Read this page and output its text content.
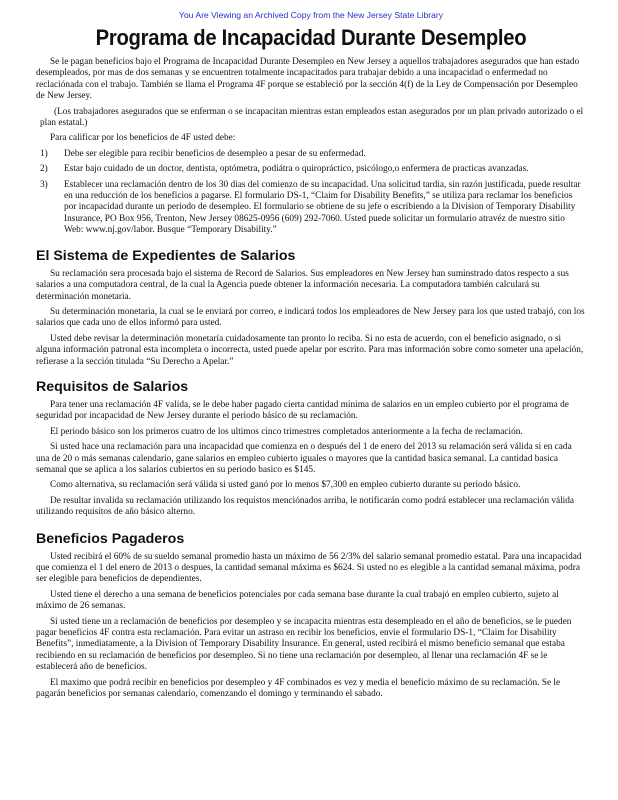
You Are Viewing an Archived Copy from the New Jersey State Library
Programa de Incapacidad Durante Desempleo

Se le pagan beneficios bajo el Programa de Incapacidad Durante Desempleo en New Jersey a aquellos trabajadores asegurados que han estado desempleados, por mas de dos semanas y se encuentren totalmente incapacitados para trabajar debido a una incapacidad o enfermedad no reclaciónada con el trabajo. También se llama el Programa 4F porque se estableció por la sección 4(f) de la Ley de Compensación por Desempleo de New Jersey.

(Los trabajadores asegurados que se enferman o se incapacitan mientras estan empleados estan asegurados por un plan privado autorizado o el plan estatal.)

Para calificar por los beneficios de 4F usted debe:

1)	Debe ser elegible para recibir beneficios de desempleo a pesar de su enfermedad.
2)	Estar bajo cuidado de un doctor, dentista, optómetra, podiátra o quiropráctico, psicólogo,o enfermera de practicas avanzadas.
3)	Establecer una reclamación dentro de los 30 dias del comienzo de su incapacidad. Una solicitud tardia, sin razón justificada, puede resultar en una reducción de los beneficios a pagarse. El formulario DS-1, “Claim for Disability Benefits,” se utiliza para reclamar los beneficios por incapacidad durante un periodo de desempleo. El formulario se obtiene de su jefe o escribiendo a la Division of Temporary Disability Insurance, PO Box 956, Trenton, New Jersey 08625-0956 (609) 292-7060. Usted puede solicitar un formulario atravéz de nuestro sitio Web: www.nj.gov/labor. Busque “Temporary Disability.”
El Sistema de Expedientes de Salarios

Su reclamación sera procesada bajo el sistema de Record de Salarios. Sus empleadores en New Jersey han suminstrado datos respecto a sus salarios a una computadora central, de la cual la Agencia puede obtener la información necesaria. La computadora también calculará su determinación monetaria.

Su determinación monetaria, la cual se le enviará por correo, e indicará todos los empleadores de New Jersey para los que usted trabajó, con los salarios que cada uno de ellos informó para usted.

Usted debe revisar la determinación monetaría cuidadosamente tan pronto lo reciba. Si no esta de acuerdo, con el beneficio asignado, o si alguna información patronal esta incompleta o incorrecta, usted puede apelar por escrito. Para mas información sobre como someter una apelación, refierase a la sección titulada “Su Derecho a Apelar.”

Requisitos de Salarios

Para tener una reclamación 4F valida, se le debe haber pagado cierta cantidad mínima de salarios en un empleo cubierto por el programa de seguridad por incapacidad de New Jersey durante el periodo básico de su reclamación.

El periodo básico son los primeros cuatro de los ultimos cinco trimestres completados anteriormente a la fecha de reclamación.

Si usted hace una reclamación para una incapacidad que comienza en o después del 1 de enero del 2013 su relamación será válida si en cada una de 20 o más semanas calendario, gane salarios en empleo cubierto iguales o mayores que la cantidad basica semanal. La cantidad basica semanal que se aplica a los salarios cubiertos en su periodo basico es $145.

Como alternativa, su reclamación será válida si usted ganó por lo menos $7,300 en empleo cubierto durante su periodo básico.

De resultar invalida su reclamación utilizando los requistos menciónados arriba, le notificarán como podrá establecer una reclamación válida utilizando requisitos de año básico alterno.

Beneficios Pagaderos

Usted recibirá el 60% de su sueldo semanal promedio hasta un máximo de 56 2/3% del salario semanal promedio estatal. Para una incapacidad que comienza el 1 del enero de 2013 o despues, la cantidad semanal máxima es $624. Si usted no es elegible a la cantidad semanal máxima, podra ser elegible para beneficios de dependientes.

Usted tiene el derecho a una semana de beneficios potenciales por cada semana base durante la cual trabajó en empleo cubierto, sujeto al máximo de 26 semanas.

Si usted tiene un a reclamación de beneficios por desempleo y se incapacita mientras esta desempleado en el año de beneficios, se le pueden pagar beneficios 4F contra esta reclamación. Para evitar un astraso en recibir los beneficios, envie el formulario DS-1, “Claim for Disability Benefits”, inmediatamente, a la Division of Temporary Disability Insurance. En general, usted recibirá el mismo beneficio semanal que estaba recibiendo en su reclamación de beneficios por desempleo. Si no tiene una reclamación por desempleo, al llenar una reclamación 4F se le establecerá año de beneficios.

El maximo que podrá recibir en beneficios por desempleo y 4F combinados es vez y media el beneficio máximo de su reclamación. Se le pagarán beneficios por semanas calendario, comenzando el domingo y terminando el sabado.
